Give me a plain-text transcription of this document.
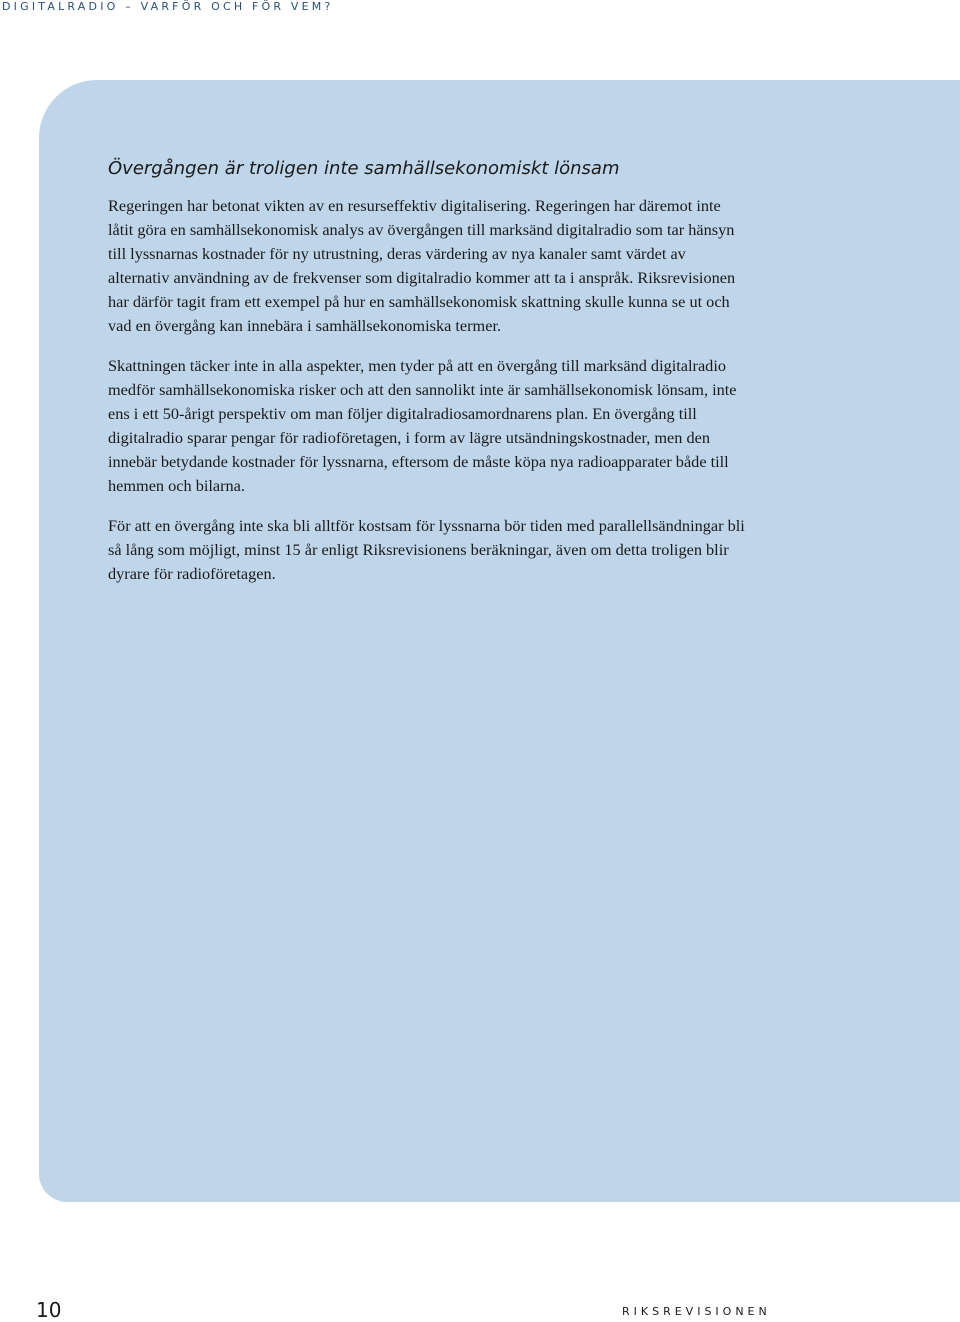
DIGITALRADIO – VARFÖR OCH FÖR VEM?
Övergången är troligen inte samhällsekonomiskt lönsam

Regeringen har betonat vikten av en resurseffektiv digitalisering. Regeringen har däremot inte låtit göra en samhällsekonomisk analys av övergången till marksänd digitalradio som tar hänsyn till lyssnarnas kostnader för ny utrustning, deras värdering av nya kanaler samt värdet av alternativ användning av de frekvenser som digitalradio kommer att ta i anspråk. Riksrevisionen har därför tagit fram ett exempel på hur en samhällsekonomisk skattning skulle kunna se ut och vad en övergång kan innebära i samhällsekonomiska termer.

Skattningen täcker inte in alla aspekter, men tyder på att en övergång till marksänd digitalradio medför samhällsekonomiska risker och att den sannolikt inte är samhällsekonomisk lönsam, inte ens i ett 50-årigt perspektiv om man följer digitalradiosamordnarens plan. En övergång till digitalradio sparar pengar för radioföretagen, i form av lägre utsändningskostnader, men den innebär betydande kostnader för lyssnarna, eftersom de måste köpa nya radioapparater både till hemmen och bilarna.

För att en övergång inte ska bli alltför kostsam för lyssnarna bör tiden med parallellsändningar bli så lång som möjligt, minst 15 år enligt Riksrevisionens beräkningar, även om detta troligen blir dyrare för radioföretagen.

10	RIKSREVISIONEN
